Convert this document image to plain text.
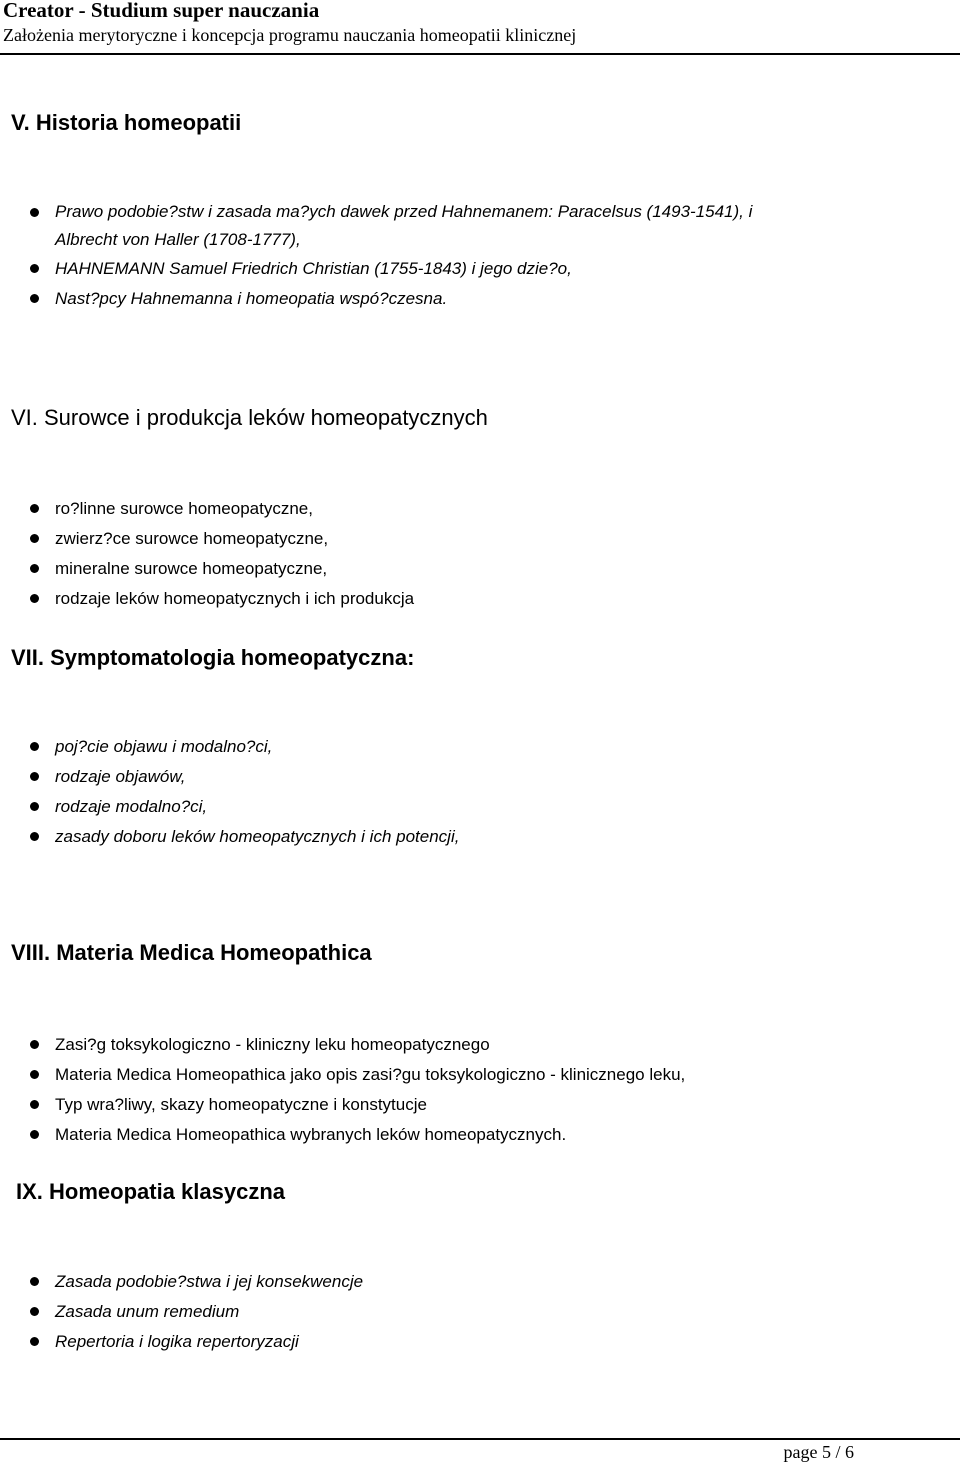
Creator - Studium super nauczania
Założenia merytoryczne i koncepcja programu nauczania homeopatii klinicznej
V. Historia homeopatii
Prawo podobie?stw i zasada ma?ych dawek przed Hahnemanem: Paracelsus (1493-1541), i Albrecht von Haller (1708-1777),
HAHNEMANN Samuel Friedrich Christian (1755-1843) i jego dzie?o,
Nast?pcy Hahnemanna i homeopatia wspó?czesna.
VI. Surowce i produkcja leków homeopatycznych
ro?linne surowce homeopatyczne,
zwierz?ce surowce homeopatyczne,
mineralne surowce homeopatyczne,
rodzaje leków homeopatycznych i ich produkcja
VII. Symptomatologia homeopatyczna:
poj?cie objawu i modalno?ci,
rodzaje objawów,
rodzaje modalno?ci,
zasady doboru leków homeopatycznych i ich potencji,
VIII. Materia Medica Homeopathica
Zasi?g toksykologiczno - kliniczny leku homeopatycznego
Materia Medica Homeopathica jako opis zasi?gu toksykologiczno - klinicznego leku,
Typ wra?liwy, skazy homeopatyczne i konstytucje
Materia Medica Homeopathica wybranych leków homeopatycznych.
IX. Homeopatia klasyczna
Zasada podobie?stwa i jej konsekwencje
Zasada unum remedium
Repertoria i logika repertoryzacji
page 5 / 6
